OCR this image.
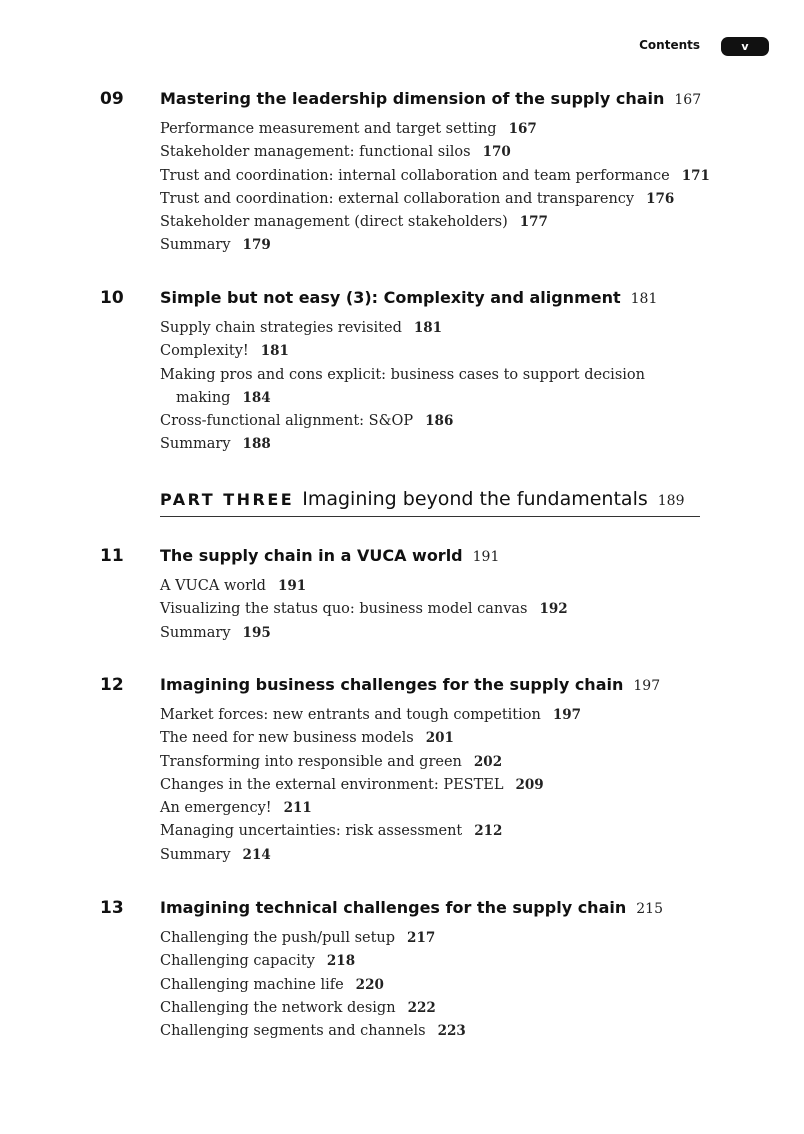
Contents	v
09 Mastering the leadership dimension of the supply chain 167
Performance measurement and target setting 167
Stakeholder management: functional silos 170
Trust and coordination: internal collaboration and team performance 171
Trust and coordination: external collaboration and transparency 176
Stakeholder management (direct stakeholders) 177
Summary 179
10 Simple but not easy (3): Complexity and alignment 181
Supply chain strategies revisited 181
Complexity! 181
Making pros and cons explicit: business cases to support decision
making 184
Cross-functional alignment: S&OP 186
Summary 188
PART THREE Imagining beyond the fundamentals 189
11 The supply chain in a VUCA world 191
A VUCA world 191
Visualizing the status quo: business model canvas 192
Summary 195
12 Imagining business challenges for the supply chain 197
Market forces: new entrants and tough competition 197
The need for new business models 201
Transforming into responsible and green 202
Changes in the external environment: PESTEL 209
An emergency! 211
Managing uncertainties: risk assessment 212
Summary 214
13 Imagining technical challenges for the supply chain 215
Challenging the push/pull setup 217
Challenging capacity 218
Challenging machine life 220
Challenging the network design 222
Challenging segments and channels 223
